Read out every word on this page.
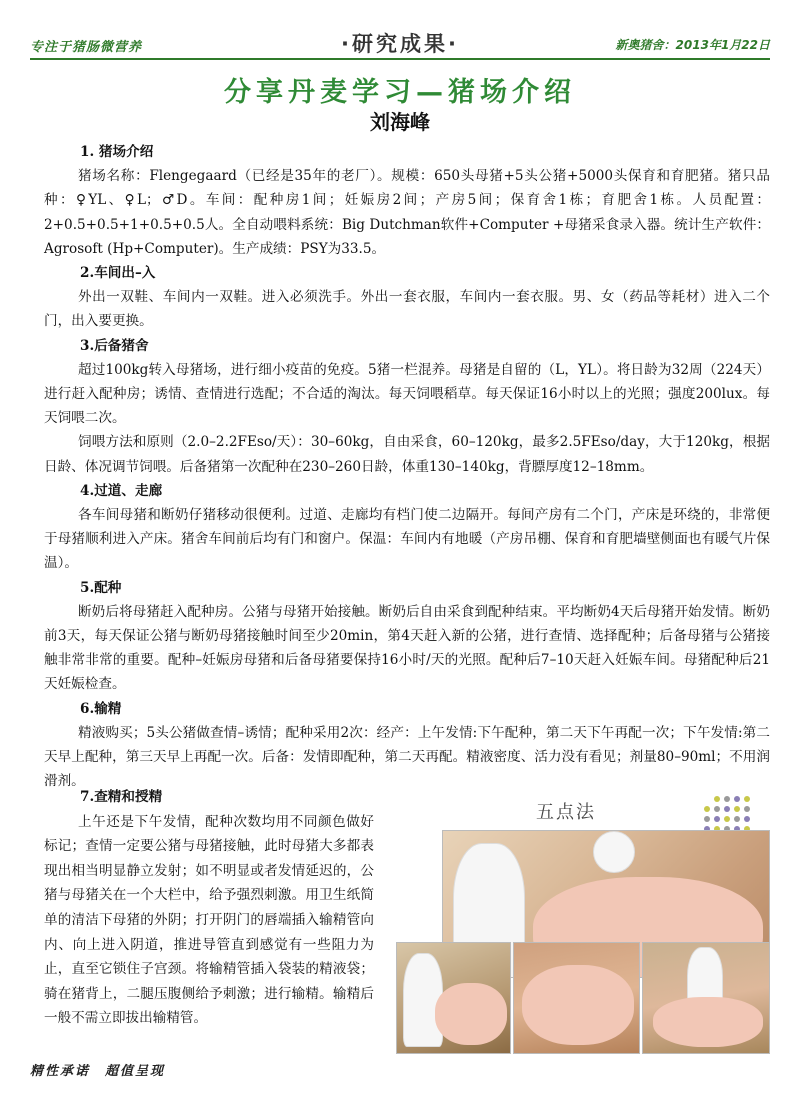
专注于猪肠微营养	·研究成果·	新奥猪舍：2013年1月22日
分享丹麦学习—猪场介绍
刘海峰

1. 猪场介绍

猪场名称：Flengegaard（已经是35年的老厂）。规模：650头母猪+5头公猪+5000头保育和育肥猪。猪只品种：♀YL、♀L；♂D。车间：配种房1间；妊娠房2间；产房5间；保育舍1栋；育肥舍1栋。人员配置：2+0.5+0.5+1+0.5+0.5人。全自动喂料系统：Big Dutchman软件+Computer +母猪采食录入器。统计生产软件：Agrosoft (Hp+Computer)。生产成绩：PSY为33.5。

2.车间出–入

外出一双鞋、车间内一双鞋。进入必须洗手。外出一套衣服，车间内一套衣服。男、女（药品等耗材）进入二个门，出入要更换。

3.后备猪舍

超过100kg转入母猪场，进行细小疫苗的免疫。5猪一栏混养。母猪是自留的（L，YL）。将日龄为32周（224天）进行赶入配种房；诱情、查情进行选配；不合适的淘汰。每天饲喂稻草。每天保证16小时以上的光照；强度200lux。每天饲喂二次。

饲喂方法和原则（2.0–2.2FEso/天）：30–60kg，自由采食，60–120kg，最多2.5FEso/day，大于120kg，根据日龄、体况调节饲喂。后备猪第一次配种在230–260日龄，体重130–140kg，背膘厚度12–18mm。

4.过道、走廊

各车间母猪和断奶仔猪移动很便利。过道、走廊均有档门使二边隔开。每间产房有二个门，产床是环绕的，非常便于母猪顺利进入产床。猪舍车间前后均有门和窗户。保温：车间内有地暖（产房吊棚、保育和育肥墙壁侧面也有暖气片保温）。

5.配种

断奶后将母猪赶入配种房。公猪与母猪开始接触。断奶后自由采食到配种结束。平均断奶4天后母猪开始发情。断奶前3天，每天保证公猪与断奶母猪接触时间至少20min，第4天赶入新的公猪，进行查情、选择配种；后备母猪与公猪接触非常非常的重要。配种–妊娠房母猪和后备母猪要保持16小时/天的光照。配种后7–10天赶入妊娠车间。母猪配种后21天妊娠检查。

6.输精

精液购买；5头公猪做查情–诱情；配种采用2次：经产：上午发情:下午配种，第二天下午再配一次；下午发情:第二天早上配种，第三天早上再配一次。后备：发情即配种，第二天再配。精液密度、活力没有看见；剂量80–90ml；不用润滑剂。

7.查精和授精

上午还是下午发情，配种次数均用不同颜色做好标记；查情一定要公猪与母猪接触，此时母猪大多都表现出相当明显静立发射；如不明显或者发情延迟的，公猪与母猪关在一个大栏中，给予强烈刺激。用卫生纸简单的清洁下母猪的外阴；打开阴门的唇端插入输精管向内、向上进入阴道，推进导管直到感觉有一些阻力为止，直至它锁住子宫颈。将输精管插入袋装的精液袋；骑在猪背上，二腿压腹侧给予刺激；进行输精。输精后一般不需立即拔出输精管。

五点法
精性承诺　超值呈现
